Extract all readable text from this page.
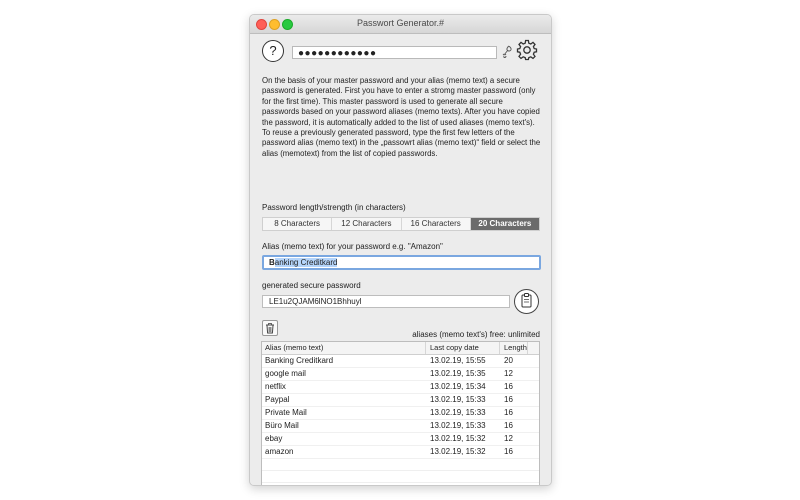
Passwort Generator.#
?	●●●●●●●●●●●●
On the basis of your master password and your alias (memo text) a secure password is generated. First you have to enter a stromg master password (only for the first time). This master password is used to generate all secure passwords based on your password aliases (memo texts). After you have copied the password, it is automatically added to the list of used aliases (memo text's). To reuse a previously generated password, type the first few letters of the password alias (memo text) in the „passowrt alias (memo text)“ field or select the alias (memotext) from the list of copied passwords.
Password length/strength (in characters)
8 Characters	12 Characters	16 Characters	20 Characters
Alias (memo text) for your password e.g. "Amazon"
Banking Creditkard
generated secure password
LE1u2QJAM6lNO1Bhhuyl
aliases (memo text's) free: unlimited
Alias (memo text)	Last copy date	Length
Banking Creditkard	13.02.19, 15:55	20
google mail	13.02.19, 15:35	12
netflix	13.02.19, 15:34	16
Paypal	13.02.19, 15:33	16
Private Mail	13.02.19, 15:33	16
Büro Mail	13.02.19, 15:33	16
ebay	13.02.19, 15:32	12
amazon	13.02.19, 15:32	16
